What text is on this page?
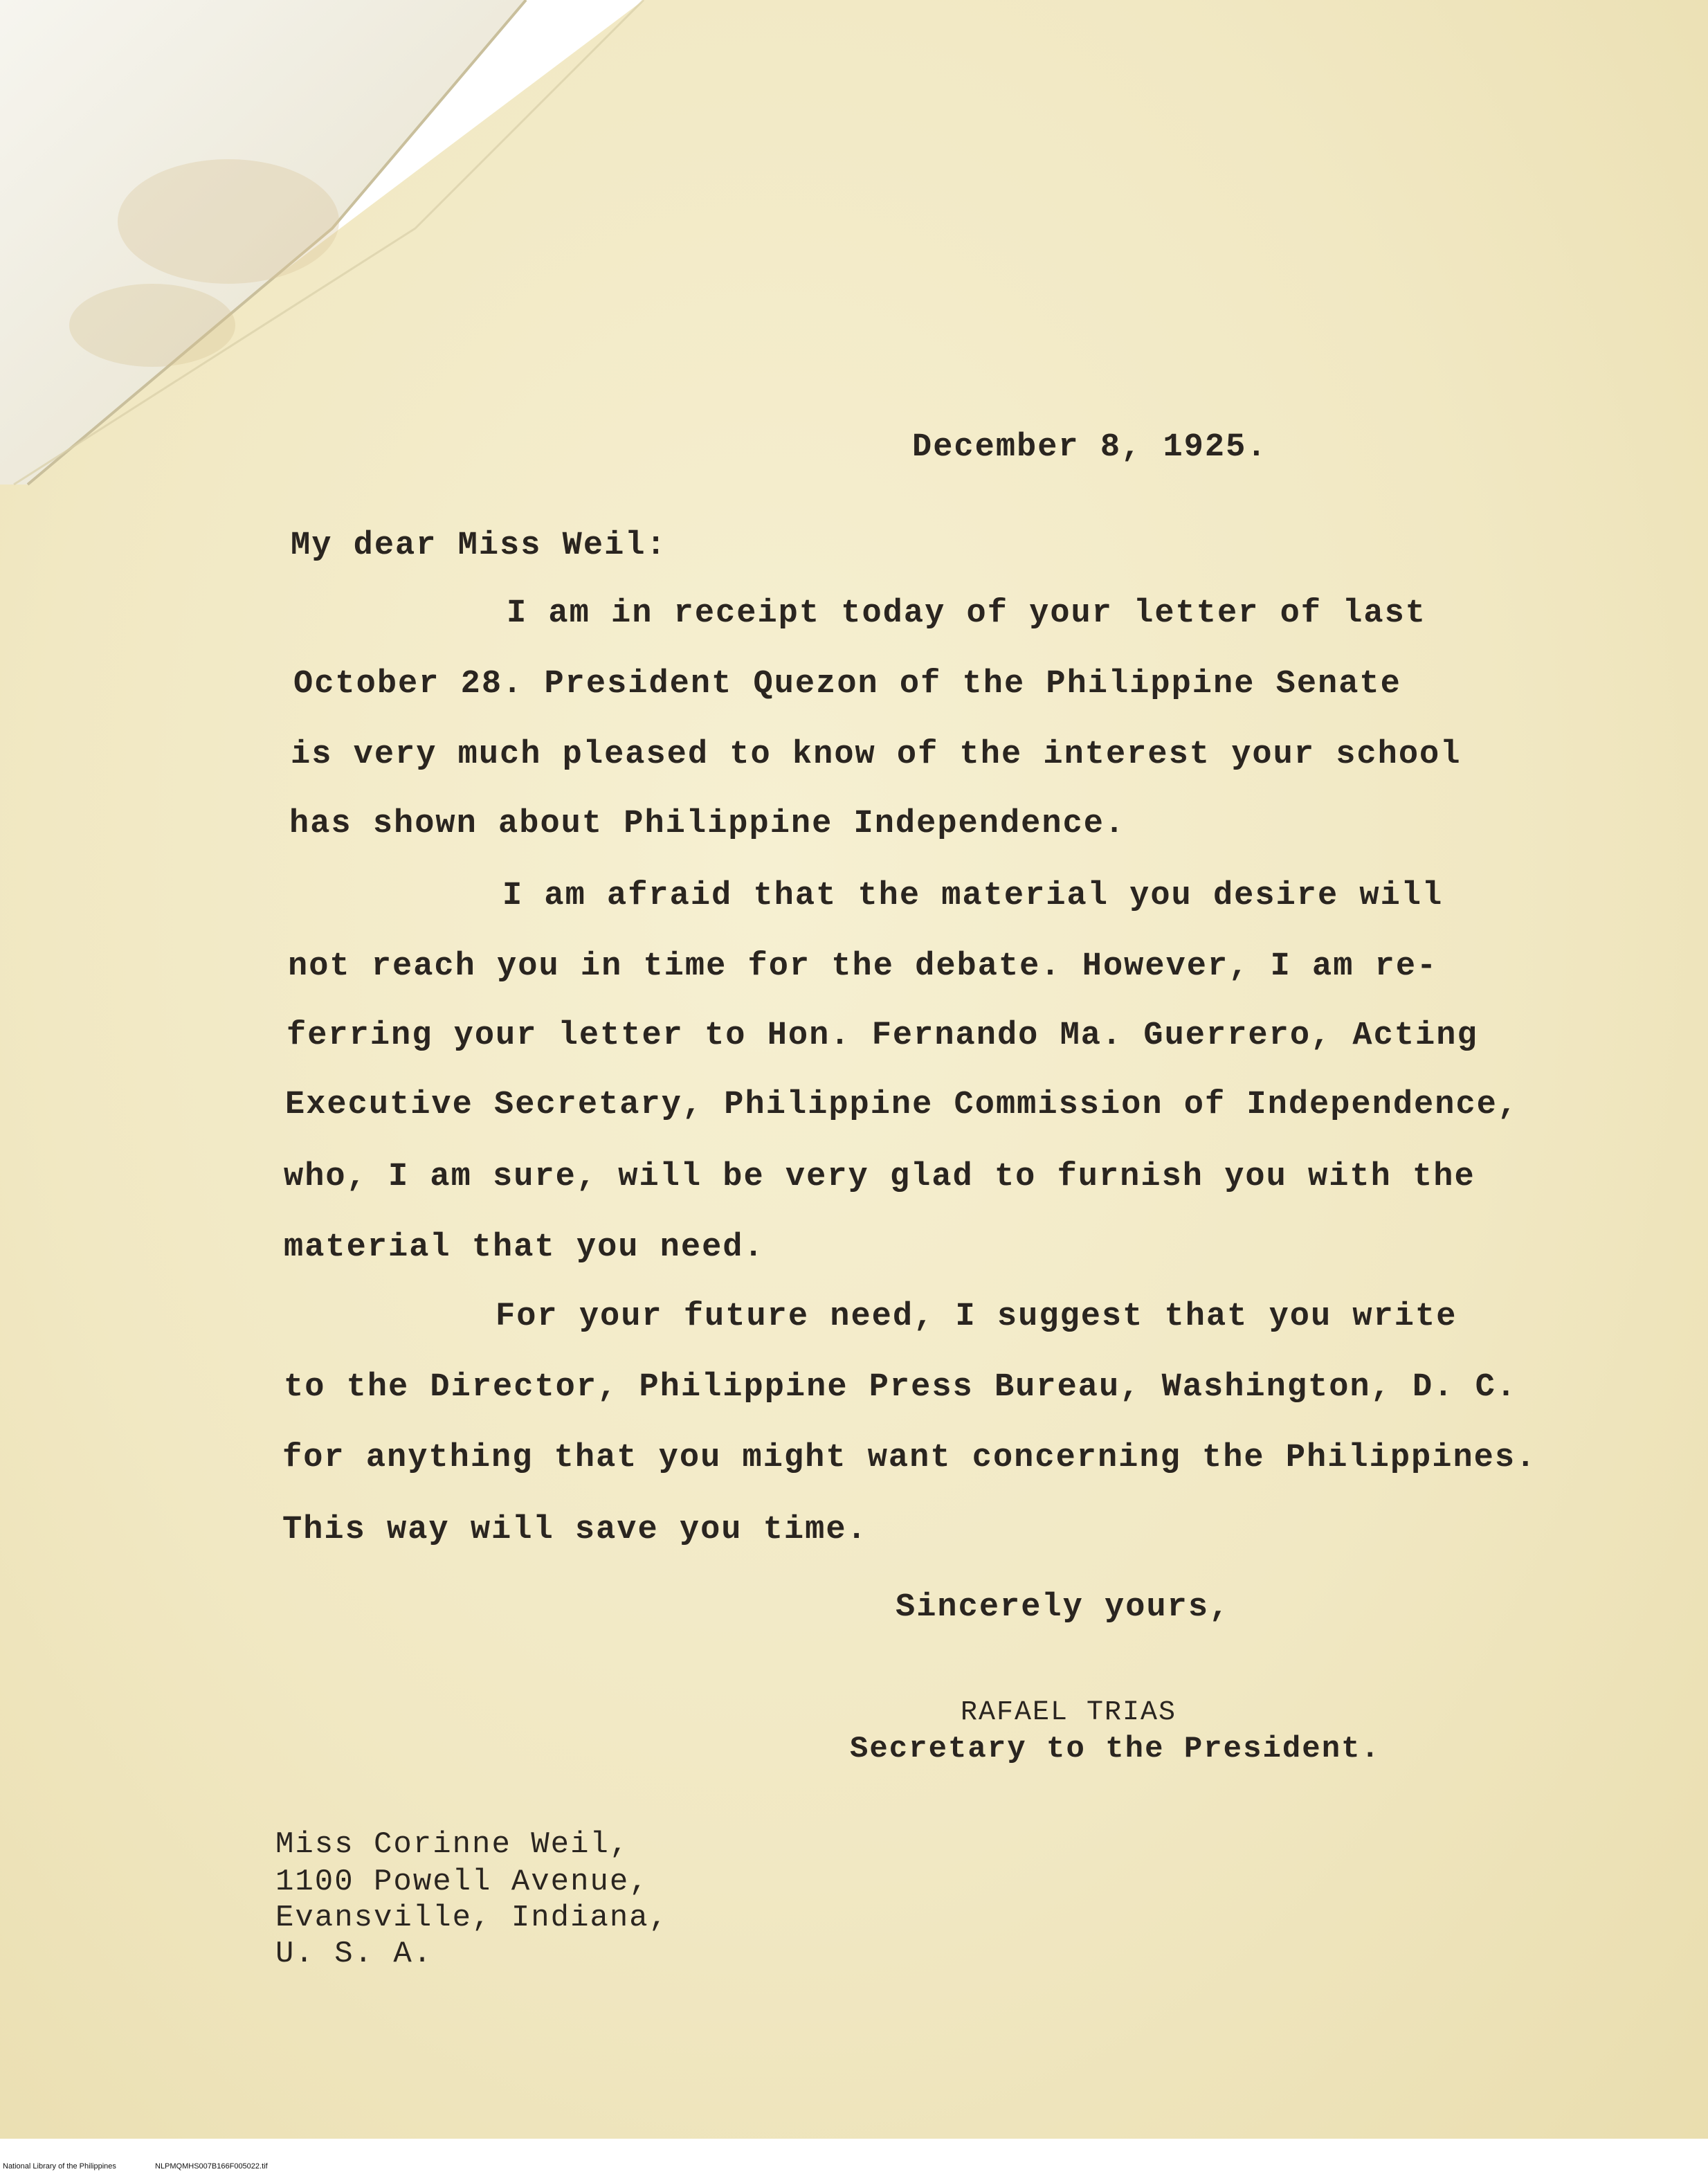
December 8, 1925.
My dear Miss Weil:
I am in receipt today of your letter of last
October 28. President Quezon of the Philippine Senate
is very much pleased to know of the interest your school
has shown about Philippine Independence.
I am afraid that the material you desire will
not reach you in time for the debate. However, I am re-
ferring your letter to Hon. Fernando Ma. Guerrero, Acting
Executive Secretary, Philippine Commission of Independence,
who, I am sure, will be very glad to furnish you with the
material that you need.
For your future need, I suggest that you write
to the Director, Philippine Press Bureau, Washington, D. C.
for anything that you might want concerning the Philippines.
This way will save you time.
Sincerely yours,
RAFAEL TRIAS
Secretary to the President.
Miss Corinne Weil,
1100 Powell Avenue,
Evansville, Indiana,
U. S. A.
National Library of the Philippines	NLPMQMHS007B166F005022.tif
